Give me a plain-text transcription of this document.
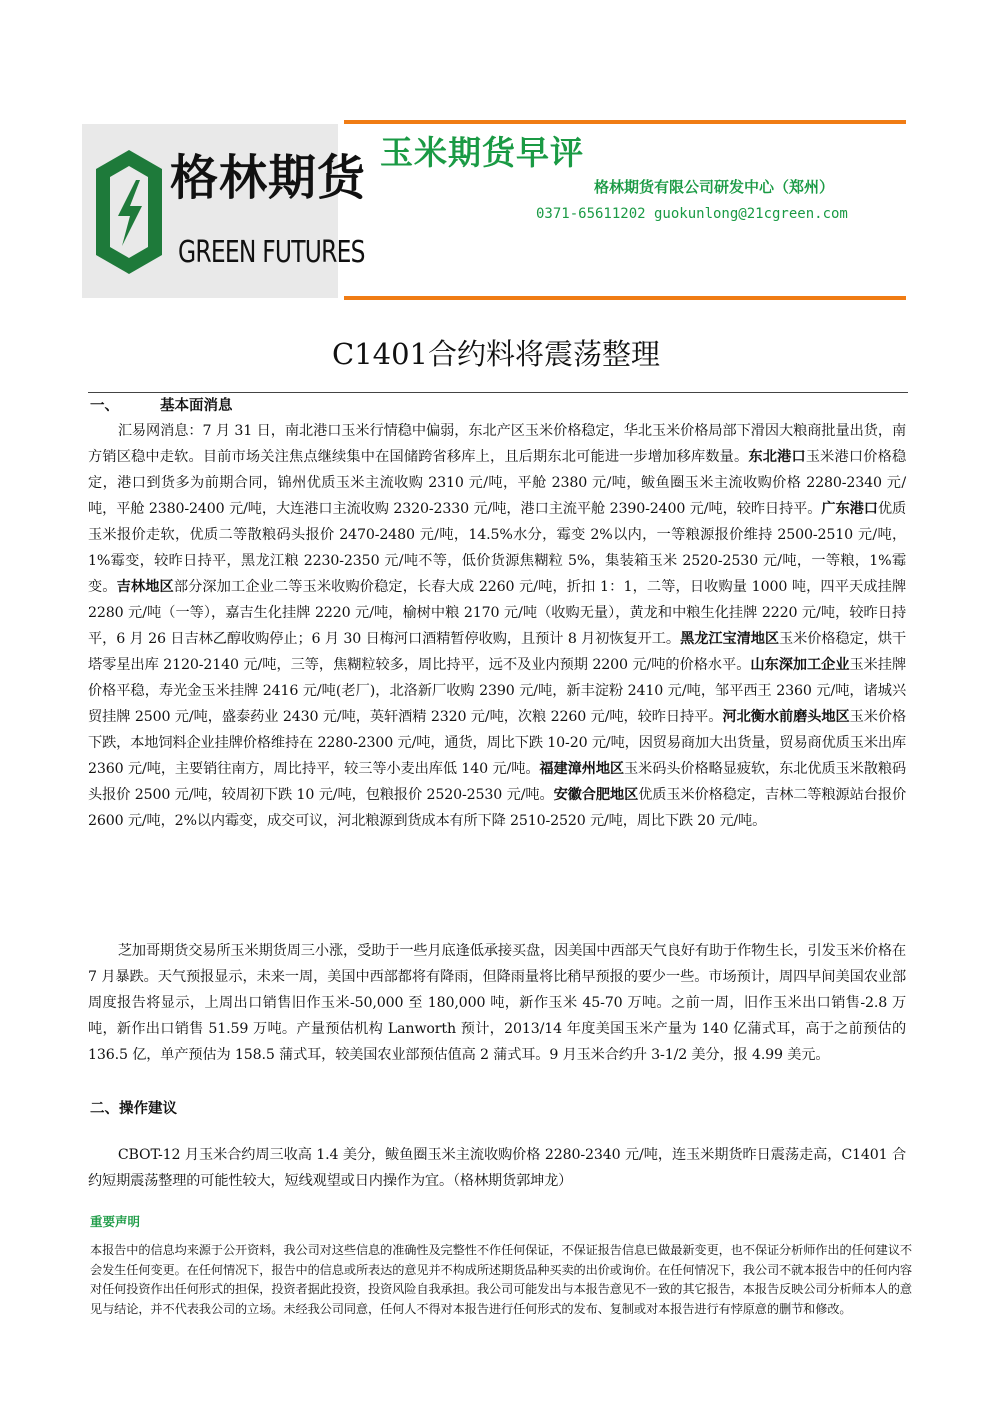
格林期货
GREEN FUTURES
玉米期货早评
格林期货有限公司研发中心（郑州）
0371-65611202 guokunlong@21cgreen.com
C1401合约料将震荡整理
一、	基本面消息

汇易网消息：7 月 31 日，南北港口玉米行情稳中偏弱，东北产区玉米价格稳定，华北玉米价格局部下滑因大粮商批量出货，南方销区稳中走软。目前市场关注焦点继续集中在国储跨省移库上，且后期东北可能进一步增加移库数量。东北港口玉米港口价格稳定，港口到货多为前期合同，锦州优质玉米主流收购 2310 元/吨，平舱 2380 元/吨，鲅鱼圈玉米主流收购价格 2280-2340 元/吨，平舱 2380-2400 元/吨，大连港口主流收购 2320-2330 元/吨，港口主流平舱 2390-2400 元/吨，较昨日持平。广东港口优质玉米报价走软，优质二等散粮码头报价 2470-2480 元/吨，14.5%水分，霉变 2%以内，一等粮源报价维持 2500-2510 元/吨，1%霉变，较昨日持平，黑龙江粮 2230-2350 元/吨不等，低价货源焦糊粒 5%，集装箱玉米 2520-2530 元/吨，一等粮，1%霉变。吉林地区部分深加工企业二等玉米收购价稳定，长春大成 2260 元/吨，折扣 1：1，二等，日收购量 1000 吨，四平天成挂牌 2280 元/吨（一等），嘉吉生化挂牌 2220 元/吨，榆树中粮 2170 元/吨（收购无量），黄龙和中粮生化挂牌 2220 元/吨，较昨日持平，6 月 26 日吉林乙醇收购停止；6 月 30 日梅河口酒精暂停收购，且预计 8 月初恢复开工。黑龙江宝清地区玉米价格稳定，烘干塔零星出库 2120-2140 元/吨，三等，焦糊粒较多，周比持平，远不及业内预期 2200 元/吨的价格水平。山东深加工企业玉米挂牌价格平稳，寿光金玉米挂牌 2416 元/吨(老厂)，北洛新厂收购 2390 元/吨，新丰淀粉 2410 元/吨，邹平西王 2360 元/吨，诸城兴贸挂牌 2500 元/吨，盛泰药业 2430 元/吨，英轩酒精 2320 元/吨，次粮 2260 元/吨，较昨日持平。河北衡水前磨头地区玉米价格下跌，本地饲料企业挂牌价格维持在 2280-2300 元/吨，通货，周比下跌 10-20 元/吨，因贸易商加大出货量，贸易商优质玉米出库 2360 元/吨，主要销往南方，周比持平，较三等小麦出库低 140 元/吨。福建漳州地区玉米码头价格略显疲软，东北优质玉米散粮码头报价 2500 元/吨，较周初下跌 10 元/吨，包粮报价 2520-2530 元/吨。安徽合肥地区优质玉米价格稳定，吉林二等粮源站台报价 2600 元/吨，2%以内霉变，成交可议，河北粮源到货成本有所下降 2510-2520 元/吨，周比下跌 20 元/吨。

芝加哥期货交易所玉米期货周三小涨，受助于一些月底逢低承接买盘，因美国中西部天气良好有助于作物生长，引发玉米价格在 7 月暴跌。天气预报显示，未来一周，美国中西部都将有降雨，但降雨量将比稍早预报的要少一些。市场预计，周四早间美国农业部周度报告将显示，上周出口销售旧作玉米-50,000 至 180,000 吨，新作玉米 45-70 万吨。之前一周，旧作玉米出口销售-2.8 万吨，新作出口销售 51.59 万吨。产量预估机构 Lanworth 预计，2013/14 年度美国玉米产量为 140 亿蒲式耳，高于之前预估的 136.5 亿，单产预估为 158.5 蒲式耳，较美国农业部预估值高 2 蒲式耳。9 月玉米合约升 3-1/2 美分，报 4.99 美元。

二、操作建议

CBOT-12 月玉米合约周三收高 1.4 美分，鲅鱼圈玉米主流收购价格 2280-2340 元/吨，连玉米期货昨日震荡走高，C1401 合约短期震荡整理的可能性较大，短线观望或日内操作为宜。（格林期货郭坤龙）

重要声明

本报告中的信息均来源于公开资料，我公司对这些信息的准确性及完整性不作任何保证，不保证报告信息已做最新变更，也不保证分析师作出的任何建议不会发生任何变更。在任何情况下，报告中的信息或所表达的意见并不构成所述期货品种买卖的出价或询价。在任何情况下，我公司不就本报告中的任何内容对任何投资作出任何形式的担保，投资者据此投资，投资风险自我承担。我公司可能发出与本报告意见不一致的其它报告，本报告反映公司分析师本人的意见与结论，并不代表我公司的立场。未经我公司同意，任何人不得对本报告进行任何形式的发布、复制或对本报告进行有悖原意的删节和修改。
